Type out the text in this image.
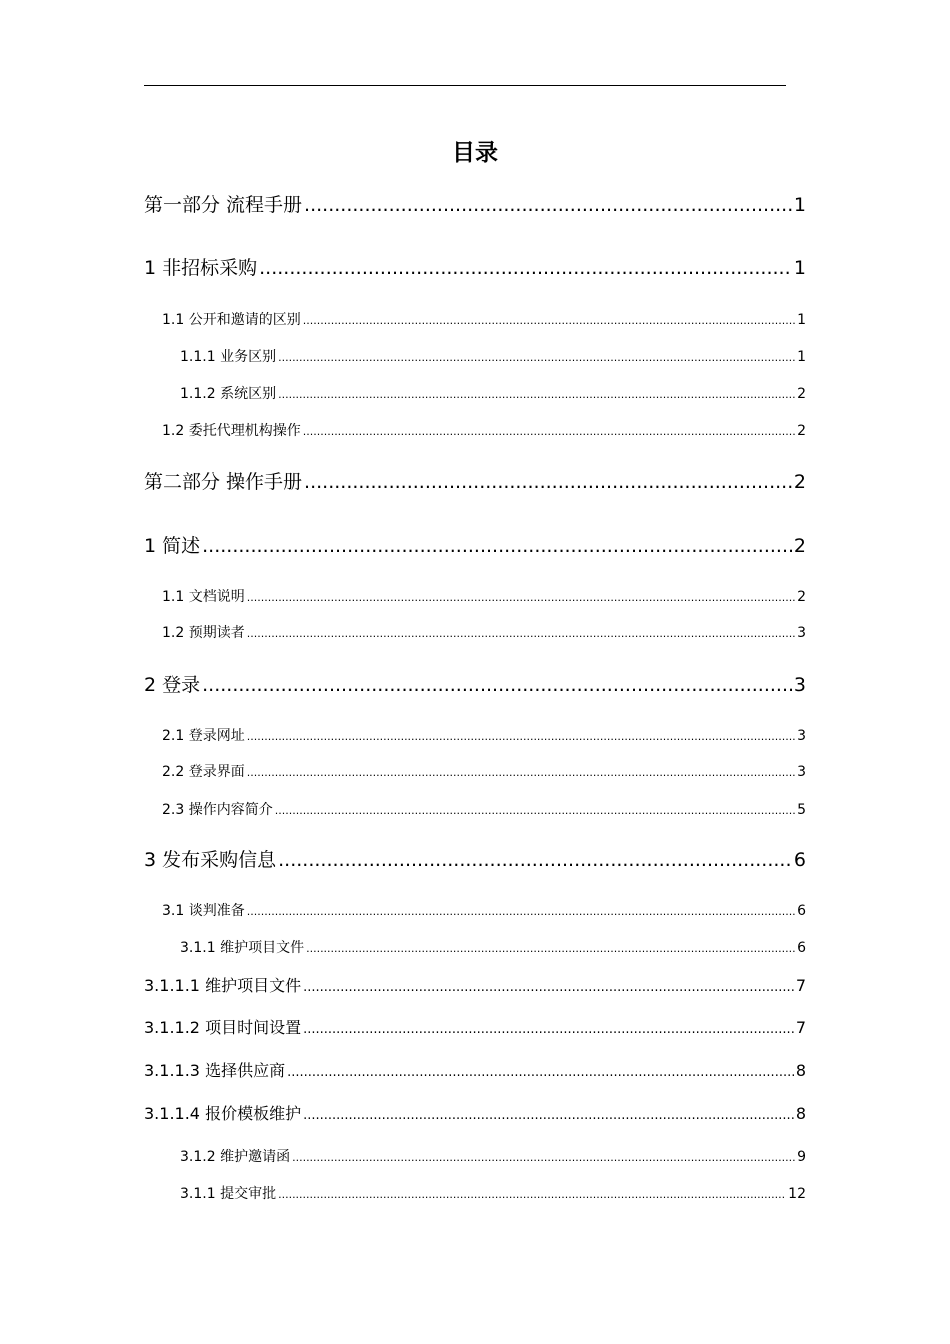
目录
第一部分 流程手册 .....	1
1 非招标采购 .....	1
1.1 公开和邀请的区别 .....	1
1.1.1 业务区别 .....	1
1.1.2 系统区别 .....	2
1.2 委托代理机构操作 .....	2
第二部分 操作手册 .....	2
1 简述 .....	2
1.1 文档说明 .....	2
1.2 预期读者 .....	3
2 登录 .....	3
2.1 登录网址 .....	3
2.2 登录界面 .....	3
2.3 操作内容简介 .....	5
3 发布采购信息 .....	6
3.1 谈判准备 .....	6
3.1.1 维护项目文件 .....	6
3.1.1.1 维护项目文件 .....	7
3.1.1.2 项目时间设置 .....	7
3.1.1.3 选择供应商 .....	8
3.1.1.4 报价模板维护 .....	8
3.1.2 维护邀请函 .....	9
3.1.1 提交审批 .....	12
